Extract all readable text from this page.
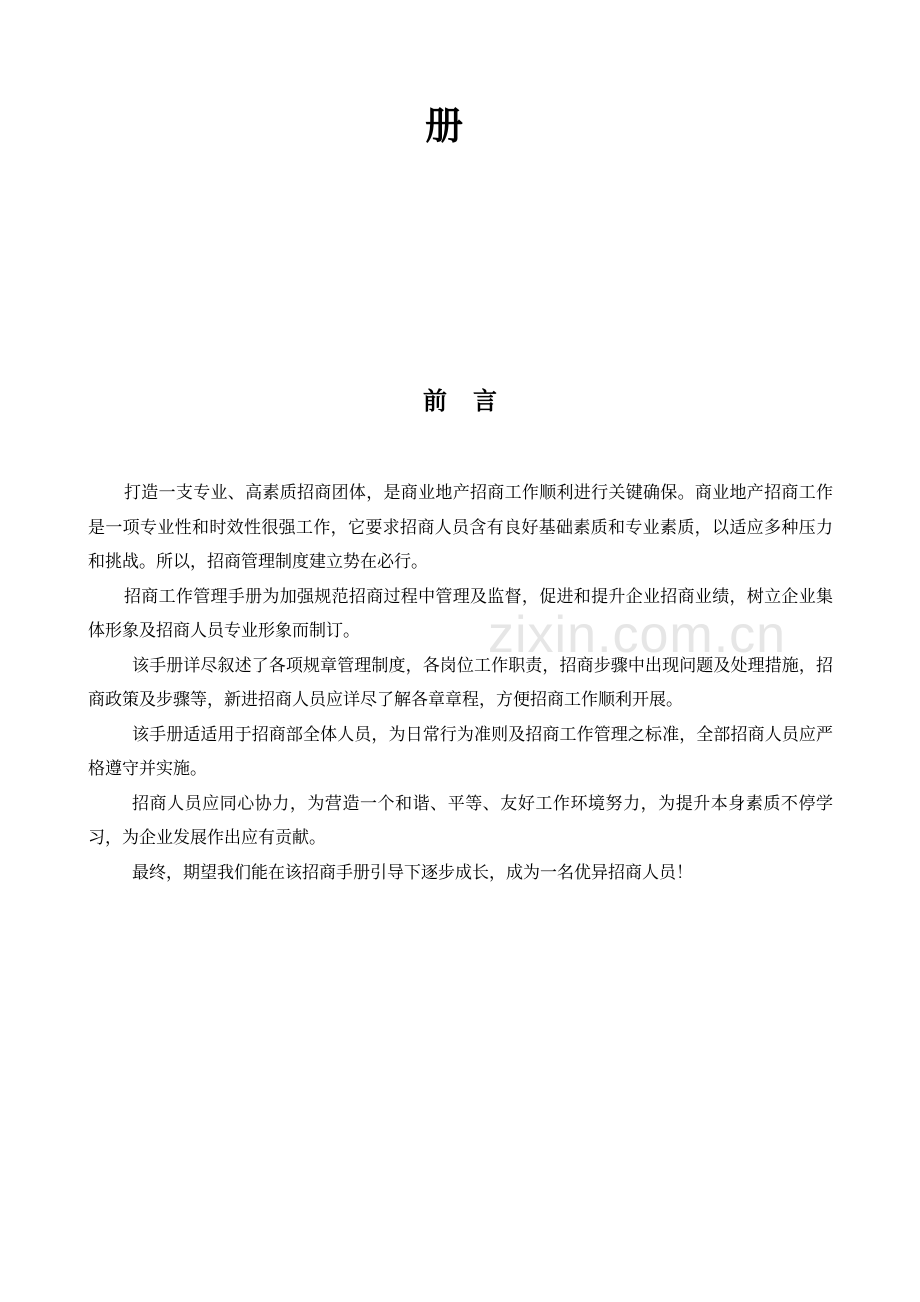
册
前 言
zixin.com.cn

打造一支专业、高素质招商团体，是商业地产招商工作顺利进行关键确保。商业地产招商工作是一项专业性和时效性很强工作，它要求招商人员含有良好基础素质和专业素质，以适应多种压力和挑战。所以，招商管理制度建立势在必行。

招商工作管理手册为加强规范招商过程中管理及监督，促进和提升企业招商业绩，树立企业集体形象及招商人员专业形象而制订。

该手册详尽叙述了各项规章管理制度，各岗位工作职责，招商步骤中出现问题及处理措施，招商政策及步骤等，新进招商人员应详尽了解各章章程，方便招商工作顺利开展。

该手册适适用于招商部全体人员，为日常行为准则及招商工作管理之标准，全部招商人员应严格遵守并实施。

招商人员应同心协力，为营造一个和谐、平等、友好工作环境努力，为提升本身素质不停学习，为企业发展作出应有贡献。

最终，期望我们能在该招商手册引导下逐步成长，成为一名优异招商人员！
